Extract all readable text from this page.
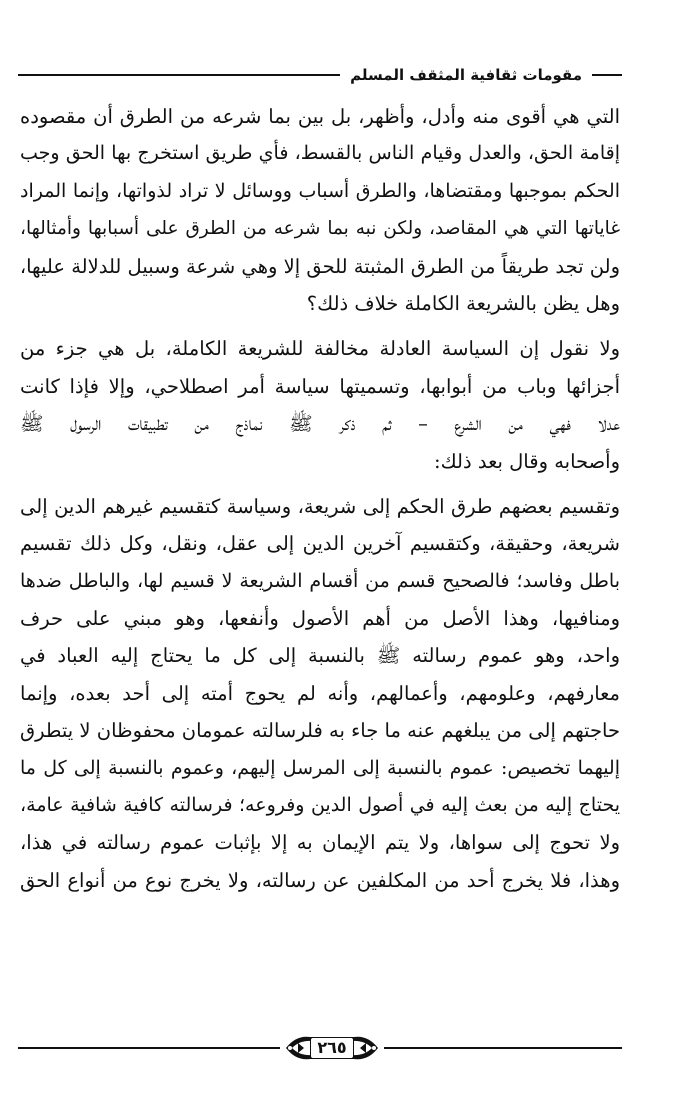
مقومات ثقافية المثقف المسلم
التي هي أقوى منه وأدل، وأظهر، بل بين بما شرعه من الطرق أن مقصوده
إقامة الحق، والعدل وقيام الناس بالقسط، فأي طريق استخرج بها الحق وجب
الحكم بموجبها ومقتضاها، والطرق أسباب ووسائل لا تراد لذواتها، وإنما المراد
غاياتها التي هي المقاصد، ولكن نبه بما شرعه من الطرق على أسبابها وأمثالها،
ولن تجد طريقاً من الطرق المثبتة للحق إلا وهي شرعة وسبيل للدلالة عليها،
وهل يظن بالشريعة الكاملة خلاف ذلك؟
ولا نقول إن السياسة العادلة مخالفة للشريعة الكاملة، بل هي جزء من
أجزائها وباب من أبوابها، وتسميتها سياسة أمر اصطلاحي، وإلا فإذا كانت
عدلا فهي من الشرع – ثم ذكر ﷺ نماذج من تطبيقات الرسول ﷺ
وأصحابه وقال بعد ذلك:
وتقسيم بعضهم طرق الحكم إلى شريعة، وسياسة كتقسيم غيرهم الدين إلى
شريعة، وحقيقة، وكتقسيم آخرين الدين إلى عقل، ونقل، وكل ذلك تقسيم
باطل وفاسد؛ فالصحيح قسم من أقسام الشريعة لا قسيم لها، والباطل ضدها
ومنافيها، وهذا الأصل من أهم الأصول وأنفعها، وهو مبني على حرف
واحد، وهو عموم رسالته ﷺ بالنسبة إلى كل ما يحتاج إليه العباد في
معارفهم، وعلومهم، وأعمالهم، وأنه لم يحوج أمته إلى أحد بعده، وإنما
حاجتهم إلى من يبلغهم عنه ما جاء به فلرسالته عمومان محفوظان لا يتطرق
إليهما تخصيص: عموم بالنسبة إلى المرسل إليهم، وعموم بالنسبة إلى كل ما
يحتاج إليه من بعث إليه في أصول الدين وفروعه؛ فرسالته كافية شافية عامة،
ولا تحوج إلى سواها، ولا يتم الإيمان به إلا بإثبات عموم رسالته في هذا،
وهذا، فلا يخرج أحد من المكلفين عن رسالته، ولا يخرج نوع من أنواع الحق
٢٦٥
